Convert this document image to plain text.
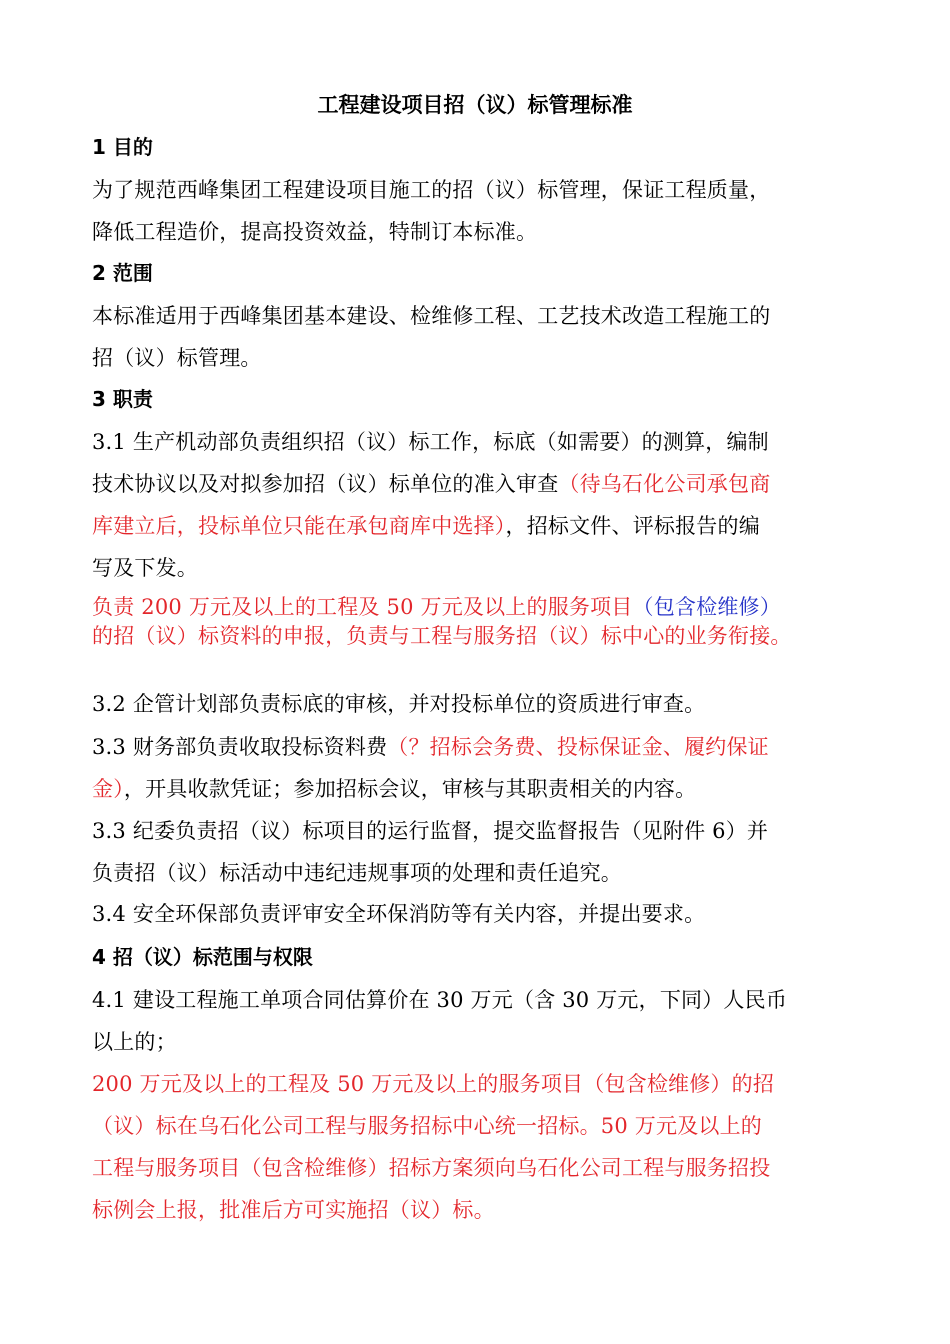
工程建设项目招（议）标管理标准
1 目的
为了规范西峰集团工程建设项目施工的招（议）标管理，保证工程质量，
降低工程造价，提高投资效益，特制订本标准。
2 范围
本标准适用于西峰集团基本建设、检维修工程、工艺技术改造工程施工的
招（议）标管理。
3 职责
3.1 生产机动部负责组织招（议）标工作，标底（如需要）的测算，编制
技术协议以及对拟参加招（议）标单位的准入审查（待乌石化公司承包商
库建立后，投标单位只能在承包商库中选择），招标文件、评标报告的编
写及下发。
负责 200 万元及以上的工程及 50 万元及以上的服务项目（包含检维修）
的招（议）标资料的申报，负责与工程与服务招（议）标中心的业务衔接。
3.2 企管计划部负责标底的审核，并对投标单位的资质进行审查。
3.3 财务部负责收取投标资料费（？招标会务费、投标保证金、履约保证
金），开具收款凭证；参加招标会议，审核与其职责相关的内容。
3.3 纪委负责招（议）标项目的运行监督，提交监督报告（见附件 6）并
负责招（议）标活动中违纪违规事项的处理和责任追究。
3.4 安全环保部负责评审安全环保消防等有关内容，并提出要求。
4 招（议）标范围与权限
4.1 建设工程施工单项合同估算价在 30 万元（含 30 万元，下同）人民币
以上的；
200 万元及以上的工程及 50 万元及以上的服务项目（包含检维修）的招
（议）标在乌石化公司工程与服务招标中心统一招标。50 万元及以上的
工程与服务项目（包含检维修）招标方案须向乌石化公司工程与服务招投
标例会上报，批准后方可实施招（议）标。
